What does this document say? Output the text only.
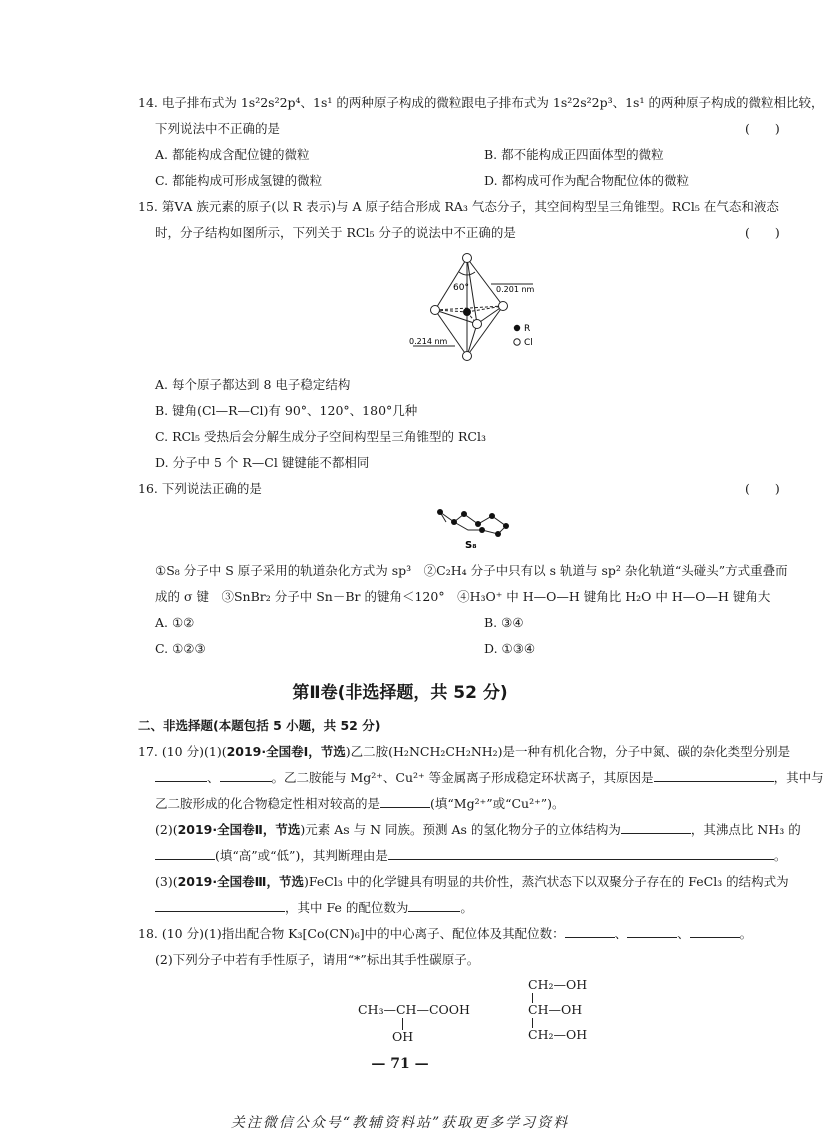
14. 电子排布式为 1s²2s²2p⁴、1s¹ 的两种原子构成的微粒跟电子排布式为 1s²2s²2p³、1s¹ 的两种原子构成的微粒相比较，
下列说法中不正确的是	(　　)
A. 都能构成含配位键的微粒	B. 都不能构成正四面体型的微粒
C. 都能构成可形成氢键的微粒	D. 都构成可作为配合物配位体的微粒
15. 第ⅤA 族元素的原子(以 R 表示)与 A 原子结合形成 RA₃ 气态分子，其空间构型呈三角锥型。RCl₅ 在气态和液态
时，分子结构如图所示，下列关于 RCl₅ 分子的说法中不正确的是	(　　)
60°	0.201 nm
0.214 nm
R
Cl
A. 每个原子都达到 8 电子稳定结构
B. 键角(Cl—R—Cl)有 90°、120°、180°几种
C. RCl₅ 受热后会分解生成分子空间构型呈三角锥型的 RCl₃
D. 分子中 5 个 R—Cl 键键能不都相同
16. 下列说法正确的是	(　　)
S₈
①S₈ 分子中 S 原子采用的轨道杂化方式为 sp³　②C₂H₄ 分子中只有以 s 轨道与 sp² 杂化轨道“头碰头”方式重叠而
成的 σ 键　③SnBr₂ 分子中 Sn－Br 的键角＜120°　④H₃O⁺ 中 H—O—H 键角比 H₂O 中 H—O—H 键角大
A. ①②	B. ③④
C. ①②③	D. ①③④
第Ⅱ卷(非选择题，共 52 分)
二、非选择题(本题包括 5 小题，共 52 分)
17. (10 分)(1)(2019·全国卷Ⅰ，节选)乙二胺(H₂NCH₂CH₂NH₂)是一种有机化合物，分子中氮、碳的杂化类型分别是
、	。乙二胺能与 Mg²⁺、Cu²⁺ 等金属离子形成稳定环状离子，其原因是	，其中与
乙二胺形成的化合物稳定性相对较高的是	(填“Mg²⁺”或“Cu²⁺”)。
(2)(2019·全国卷Ⅱ，节选)元素 As 与 N 同族。预测 As 的氢化物分子的立体结构为	，其沸点比 NH₃ 的
(填“高”或“低”)，其判断理由是	。
(3)(2019·全国卷Ⅲ，节选)FeCl₃ 中的化学键具有明显的共价性，蒸汽状态下以双聚分子存在的 FeCl₃ 的结构式为
，其中 Fe 的配位数为	。
18. (10 分)(1)指出配合物 K₃[Co(CN)₆]中的中心离子、配位体及其配位数：	、	、	。
(2)下列分子中若有手性原子，请用“*”标出其手性碳原子。
CH₃—CH—COOH
OH
CH₂—OH
CH—OH
CH₂—OH
— 71 —
关注微信公众号“教辅资料站”获取更多学习资料
